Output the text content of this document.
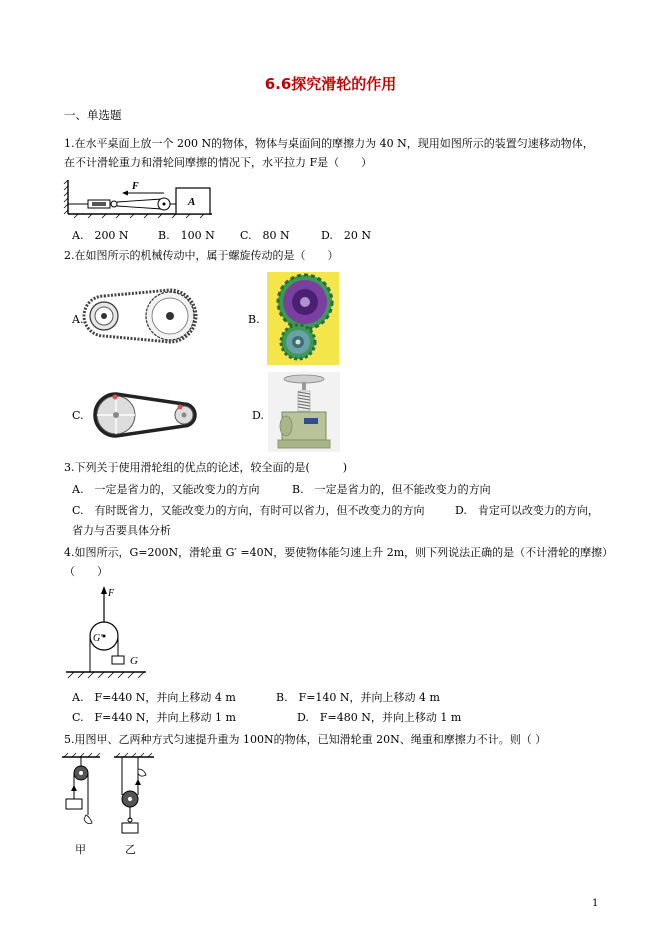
6.6探究滑轮的作用
一、单选题
1.在水平桌面上放一个 200 N的物体，物体与桌面间的摩擦力为 40 N，现用如图所示的装置匀速移动物体，
在不计滑轮重力和滑轮间摩擦的情况下，水平拉力 F是（　　）
F
A
A.　200 N	B.　100 N C.　80 N	D.　20 N
2.在如图所示的机械传动中，属于螺旋传动的是（　　）
A.	B.
C.	D.
3.下列关于使用滑轮组的优点的论述，较全面的是(　　　)
A.　一定是省力的，又能改变力的方向	B.　一定是省力的，但不能改变力的方向
C.　有时既省力，又能改变力的方向，有时可以省力，但不改变力的方向	D.　肯定可以改变力的方向，
省力与否要具体分析
4.如图所示，G=200N，滑轮重 G′ =40N，要使物体能匀速上升 2m，则下列说法正确的是（不计滑轮的摩擦）
（　　）
F
G′
G
A.　F=440 N，并向上移动 4 m	B.　F=140 N，并向上移动 4 m
C.　F=440 N，并向上移动 1 m	D.　F=480 N，并向上移动 1 m
5.用图甲、乙两种方式匀速提升重为 100N的物体，已知滑轮重 20N、绳重和摩擦力不计。则（ ）
甲	乙
1
